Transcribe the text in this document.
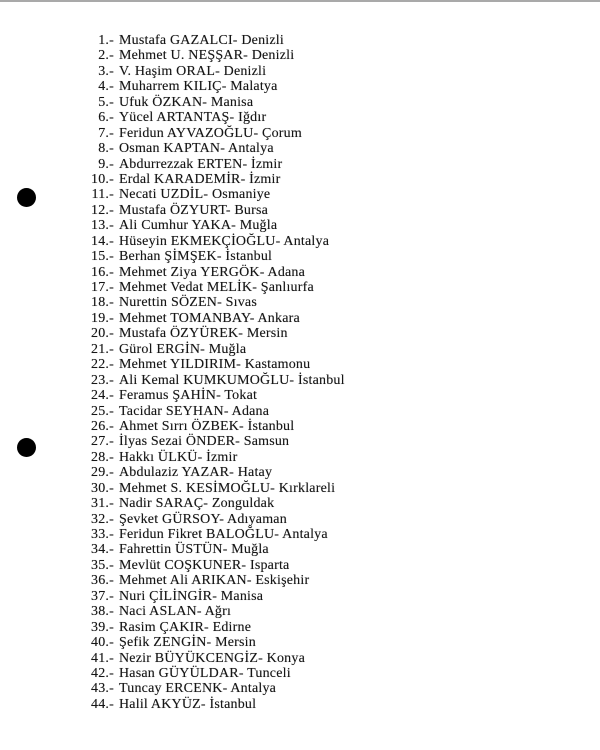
1.- Mustafa GAZALCI- Denizli
2.- Mehmet U. NEŞŞAR- Denizli
3.- V. Haşim ORAL- Denizli
4.- Muharrem KILIÇ- Malatya
5.- Ufuk ÖZKAN- Manisa
6.- Yücel ARTANTAŞ- Iğdır
7.- Feridun AYVAZOĞLU- Çorum
8.- Osman KAPTAN- Antalya
9.- Abdurrezzak ERTEN- İzmir
10.- Erdal KARADEMİR- İzmir
11.- Necati UZDİL- Osmaniye
12.- Mustafa ÖZYURT- Bursa
13.- Ali Cumhur YAKA- Muğla
14.- Hüseyin EKMEKÇİOĞLU- Antalya
15.- Berhan ŞİMŞEK- İstanbul
16.- Mehmet Ziya YERGÖK- Adana
17.- Mehmet Vedat MELİK- Şanlıurfa
18.- Nurettin SÖZEN- Sıvas
19.- Mehmet TOMANBAY- Ankara
20.- Mustafa ÖZYÜREK- Mersin
21.- Gürol ERGİN- Muğla
22.- Mehmet YILDIRIM- Kastamonu
23.- Ali Kemal KUMKUMOĞLU- İstanbul
24.- Feramus ŞAHİN- Tokat
25.- Tacidar SEYHAN- Adana
26.- Ahmet Sırrı ÖZBEK- İstanbul
27.- İlyas Sezai ÖNDER- Samsun
28.- Hakkı ÜLKÜ- İzmir
29.- Abdulaziz YAZAR- Hatay
30.- Mehmet S. KESİMOĞLU- Kırklareli
31.- Nadir SARAÇ- Zonguldak
32.- Şevket GÜRSOY- Adıyaman
33.- Feridun Fikret BALOĞLU- Antalya
34.- Fahrettin ÜSTÜN- Muğla
35.- Mevlüt COŞKUNER- Isparta
36.- Mehmet Ali ARIKAN- Eskişehir
37.- Nuri ÇİLİNGİR- Manisa
38.- Naci ASLAN- Ağrı
39.- Rasim ÇAKIR- Edirne
40.- Şefik ZENGİN- Mersin
41.- Nezir BÜYÜKCENGİZ- Konya
42.- Hasan GÜYÜLDAR- Tunceli
43.- Tuncay ERCENK- Antalya
44.- Halil AKYÜZ- İstanbul
